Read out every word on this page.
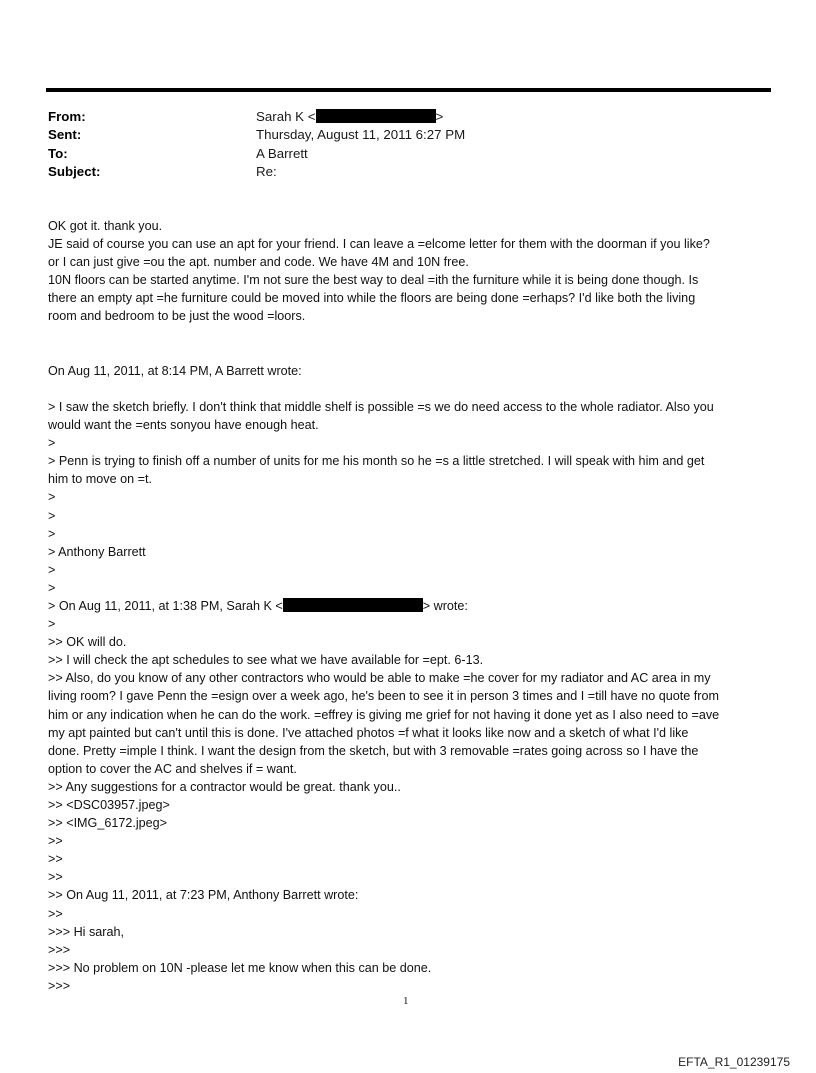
From:	Sarah K <	>
Sent:	Thursday, August 11, 2011 6:27 PM
To:	A Barrett
Subject:	Re:
OK got it. thank you.
JE said of course you can use an apt for your friend. I can leave a =elcome letter for them with the doorman if you like?
or I can just give =ou the apt. number and code. We have 4M and 10N free.
10N floors can be started anytime. I'm not sure the best way to deal =ith the furniture while it is being done though. Is
there an empty apt =he furniture could be moved into while the floors are being done =erhaps? I'd like both the living
room and bedroom to be just the wood =loors.
On Aug 11, 2011, at 8:14 PM, A Barrett wrote:
> I saw the sketch briefly. I don't think that middle shelf is possible =s we do need access to the whole radiator. Also you
would want the =ents sonyou have enough heat.
>
> Penn is trying to finish off a number of units for me his month so he =s a little stretched. I will speak with him and get
him to move on =t.
>
>
>
> Anthony Barrett
>
>
> On Aug 11, 2011, at 1:38 PM, Sarah K <	> wrote:
>
>> OK will do.
>> I will check the apt schedules to see what we have available for =ept. 6-13.
>> Also, do you know of any other contractors who would be able to make =he cover for my radiator and AC area in my
living room? I gave Penn the =esign over a week ago, he's been to see it in person 3 times and I =till have no quote from
him or any indication when he can do the work. =effrey is giving me grief for not having it done yet as I also need to =ave
my apt painted but can't until this is done. I've attached photos =f what it looks like now and a sketch of what I'd like
done. Pretty =imple I think. I want the design from the sketch, but with 3 removable =rates going across so I have the
option to cover the AC and shelves if = want.
>> Any suggestions for a contractor would be great. thank you..
>> <DSC03957.jpeg>
>> <IMG_6172.jpeg>
>>
>>
>>
>> On Aug 11, 2011, at 7:23 PM, Anthony Barrett wrote:
>>
>>> Hi sarah,
>>>
>>> No problem on 10N -please let me know when this can be done.
>>>
1
EFTA_R1_01239175
